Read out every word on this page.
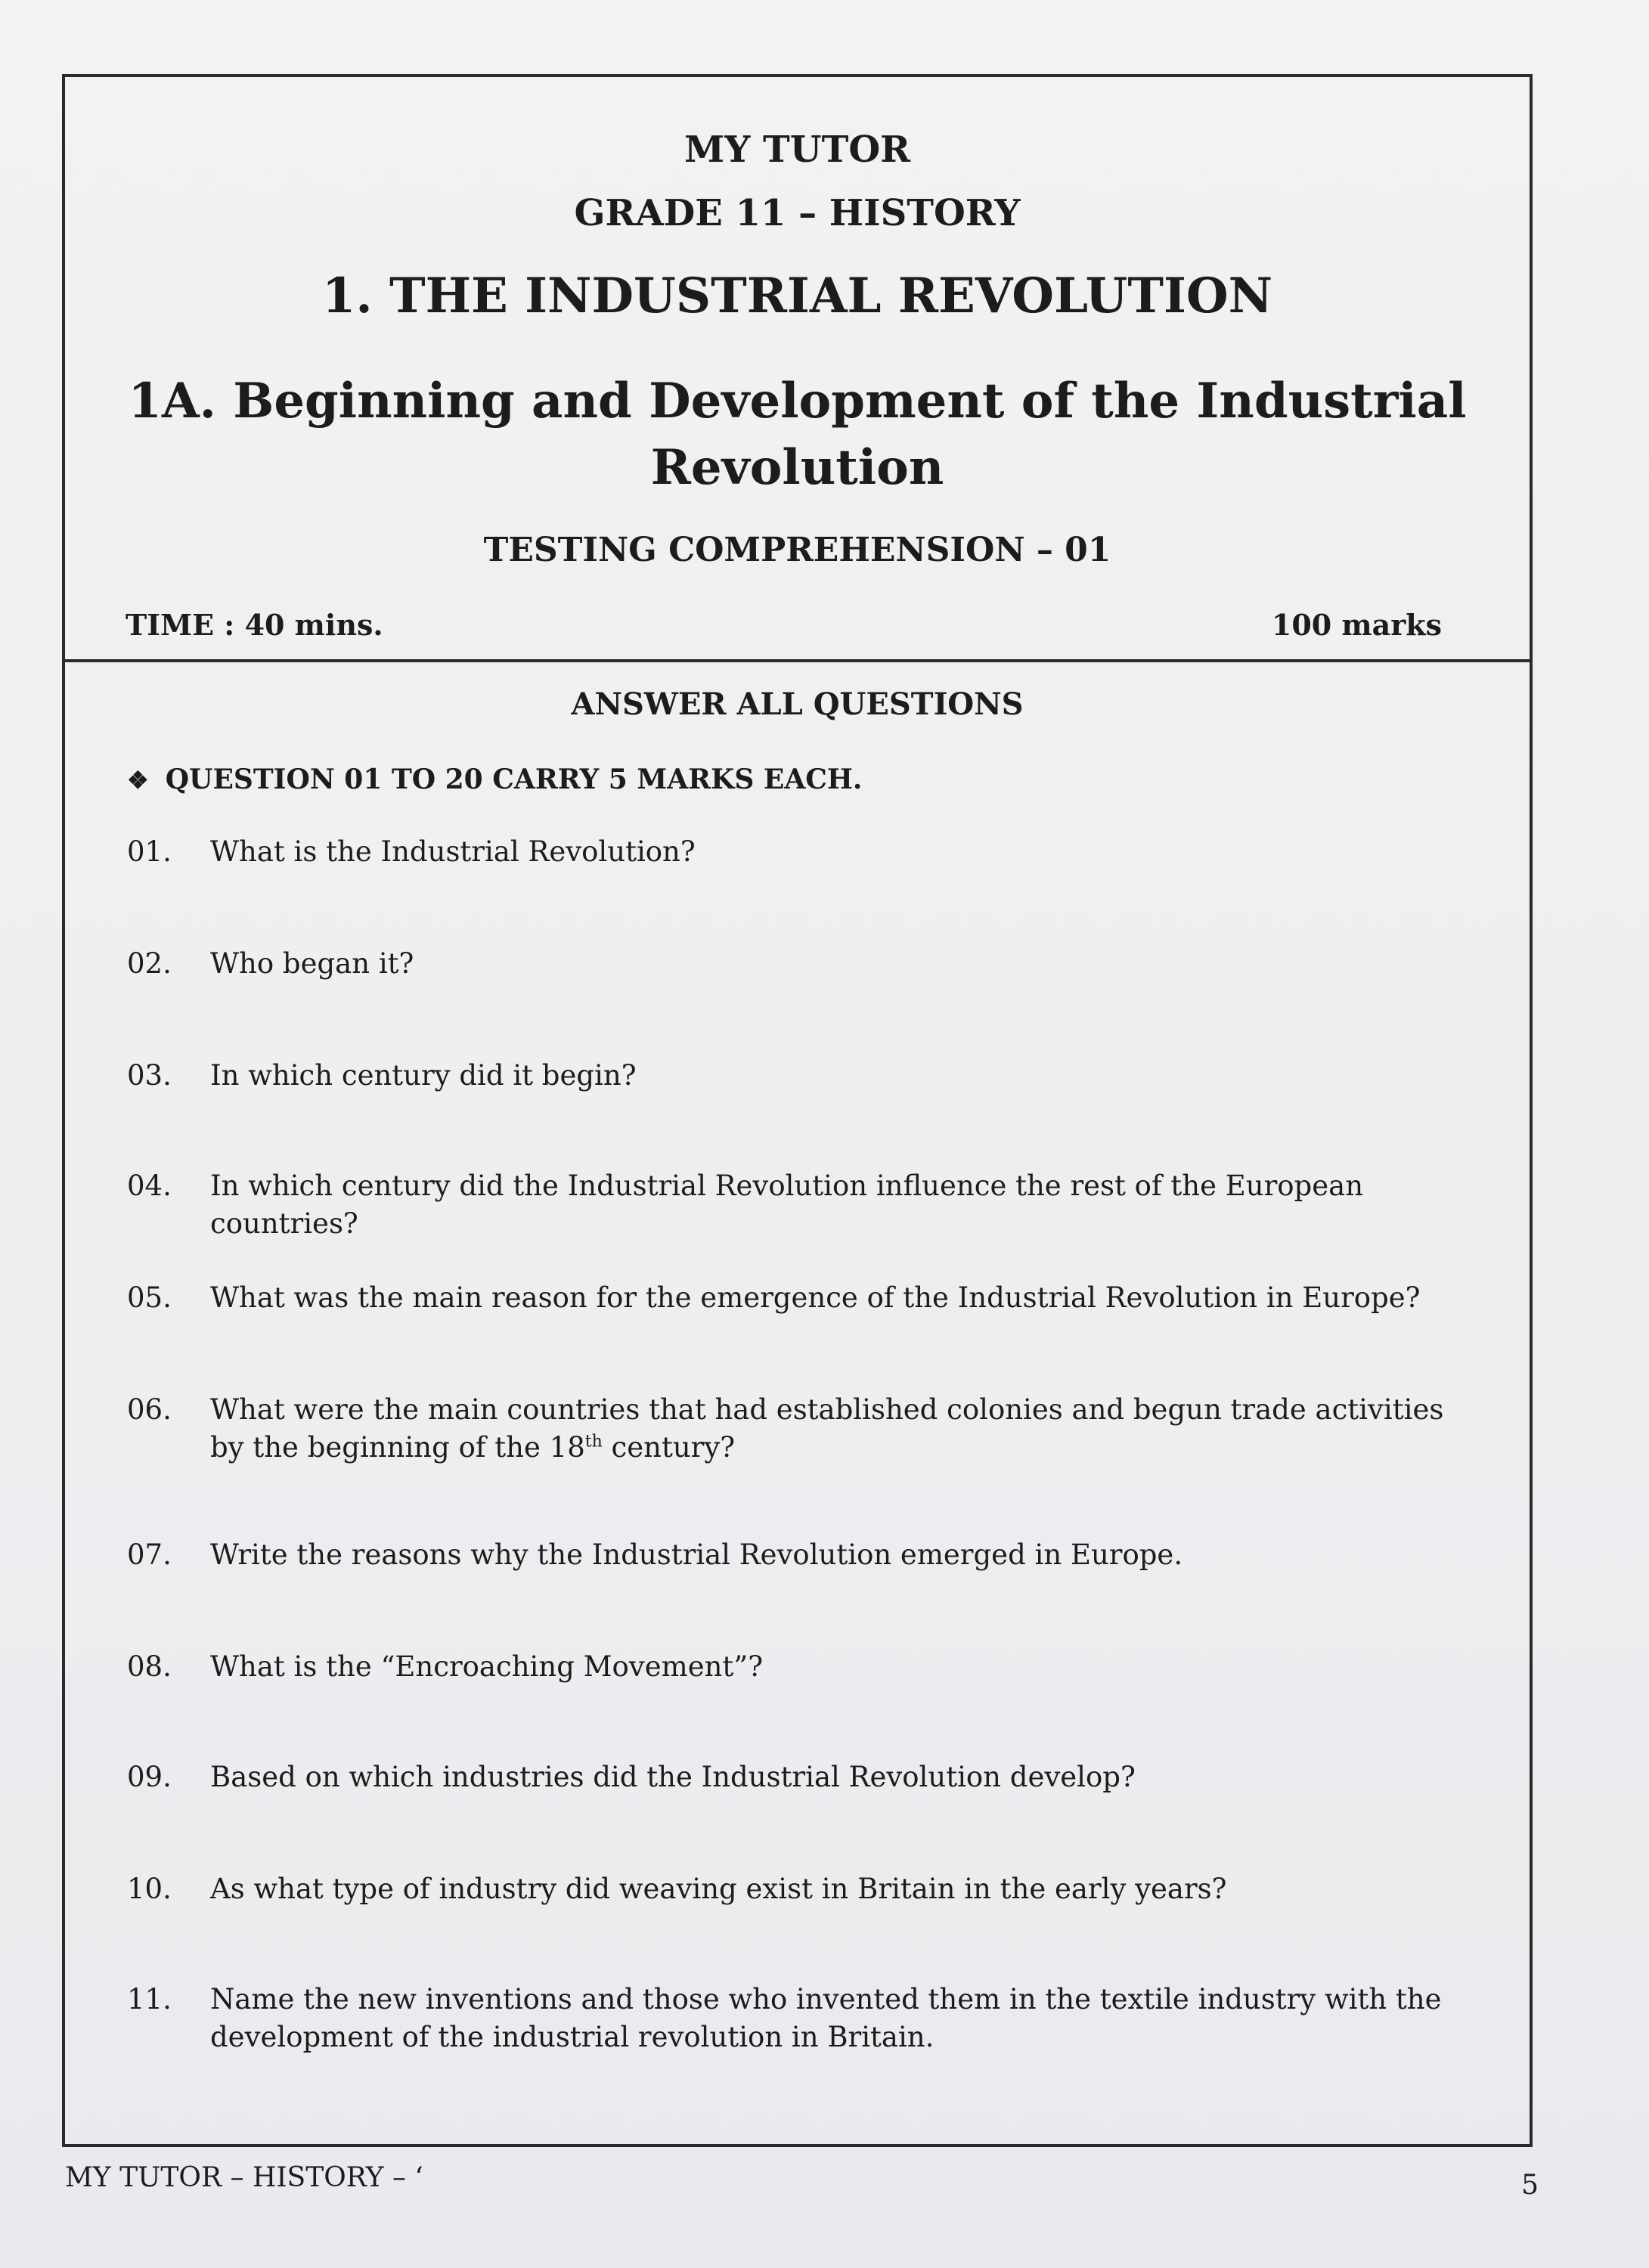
MY TUTOR
GRADE 11 – HISTORY
1. THE INDUSTRIAL REVOLUTION
1A. Beginning and Development of the Industrial
Revolution
TESTING COMPREHENSION – 01
TIME : 40 mins.	100 marks
ANSWER ALL QUESTIONS
❖ QUESTION 01 TO 20 CARRY 5 MARKS EACH.
01.	What is the Industrial Revolution?
02.	Who began it?
03.	In which century did it begin?
04.	In which century did the Industrial Revolution influence the rest of the European countries?
05.	What was the main reason for the emergence of the Industrial Revolution in Europe?
06.	What were the main countries that had established colonies and begun trade activities by the beginning of the 18th century?
07.	Write the reasons why the Industrial Revolution emerged in Europe.
08.	What is the “Encroaching Movement”?
09.	Based on which industries did the Industrial Revolution develop?
10.	As what type of industry did weaving exist in Britain in the early years?
11.	Name the new inventions and those who invented them in the textile industry with the development of the industrial revolution in Britain.
MY TUTOR – HISTORY – ‘	5
